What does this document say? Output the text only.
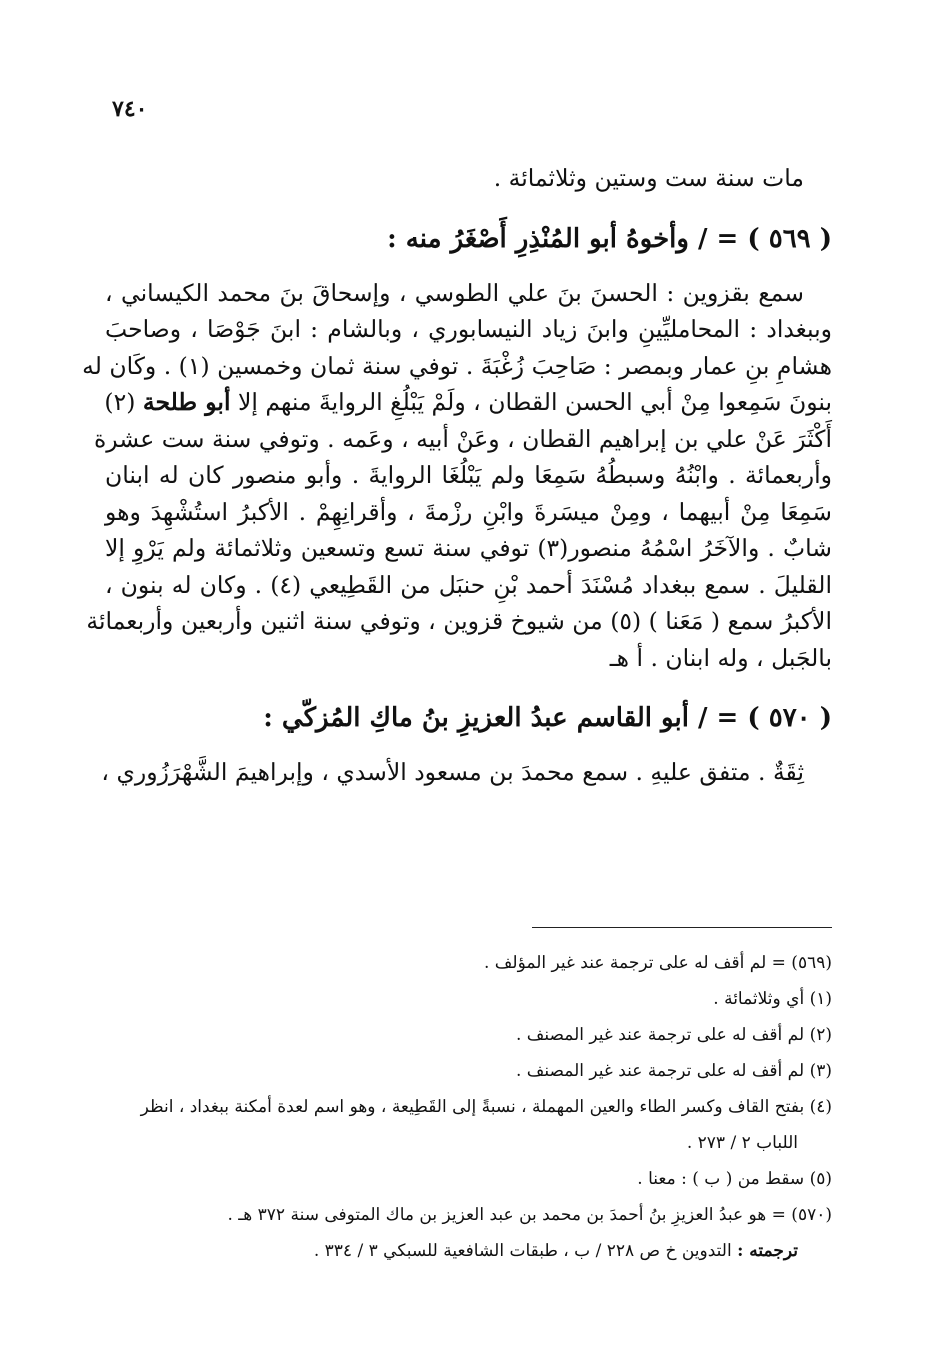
٧٤٠
مات سنة ست وستين وثلاثمائة .
( ٥٦٩ ) = / وأخوهُ أبو المُنْذِرِ أَصْغَرُ منه :
سمع بقزوين : الحسنَ بنَ علي الطوسي ، وإسحاقَ بنَ محمد الكيساني ،
وببغداد : المحامليِّينِ وابنَ زياد النيسابوري ، وبالشام : ابنَ جَوْصَا ، وصاحبَ
هشامِ بنِ عمار وبمصر : صَاحِبَ زُغْبَةَ . توفي سنة ثمان وخمسين (١) . وكَان له
بنونَ سَمِعوا مِنْ أبي الحسن القطان ، ولَمْ يَبْلُغِ الروايةَ منهم إلا أبو طلحة (٢)
أَكْثَرَ عَنْ علي بن إبراهيم القطان ، وعَنْ أبيه ، وعَمه . وتوفي سنة ست عشرة
وأربعمائة . وابْنُهُ وسبطُهُ سَمِعَا ولم يَبْلُغَا الروايةَ . وأبو منصور كان له ابنان
سَمِعَا مِنْ أبيهما ، ومِنْ ميسَرةَ وابْنِ رزْمةَ ، وأقرانِهِمْ . الأكبرُ استُشْهِدَ وهو
شابٌ . والآخَرُ اسْمُهُ منصور(٣) توفي سنة تسع وتسعين وثلاثمائة ولم يَرْوِ إلا
القليلَ . سمع ببغداد مُسْنَدَ أحمد بْنِ حنبَل من القَطِيعي (٤) . وكان له بنون ،
الأكبرُ سمع ( مَعَنا ) (٥) من شيوخ قزوين ، وتوفي سنة اثنين وأربعين وأربعمائة
بالجَبل ، وله ابنان . أ هـ
( ٥٧٠ ) = / أبو القاسم عبدُ العزيزِ بنُ ماكِ المُزكّي :
ثِقَةٌ . متفق عليهِ . سمع محمدَ بن مسعود الأسدي ، وإبراهيمَ الشَّهْرَزُوري ،
(٥٦٩) = لم أقف له على ترجمة عند غير المؤلف .
(١) أي وثلاثمائة .
(٢) لم أقف له على ترجمة عند غير المصنف .
(٣) لم أقف له على ترجمة عند غير المصنف .
(٤) بفتح القاف وكسر الطاء والعين المهملة ، نسبةً إلى القَطِيعة ، وهو اسم لعدة أمكنة ببغداد ، انظر
اللباب ٢ / ٢٧٣ .
(٥) سقط من ( ب ) : معنا .
(٥٧٠) = هو عبدُ العزيزِ بنُ أحمدَ بن محمد بن عبد العزيز بن ماك المتوفى سنة ٣٧٢ هـ .
ترجمته : التدوين خ ص ٢٢٨ / ب ، طبقات الشافعية للسبكي ٣ / ٣٣٤ .
